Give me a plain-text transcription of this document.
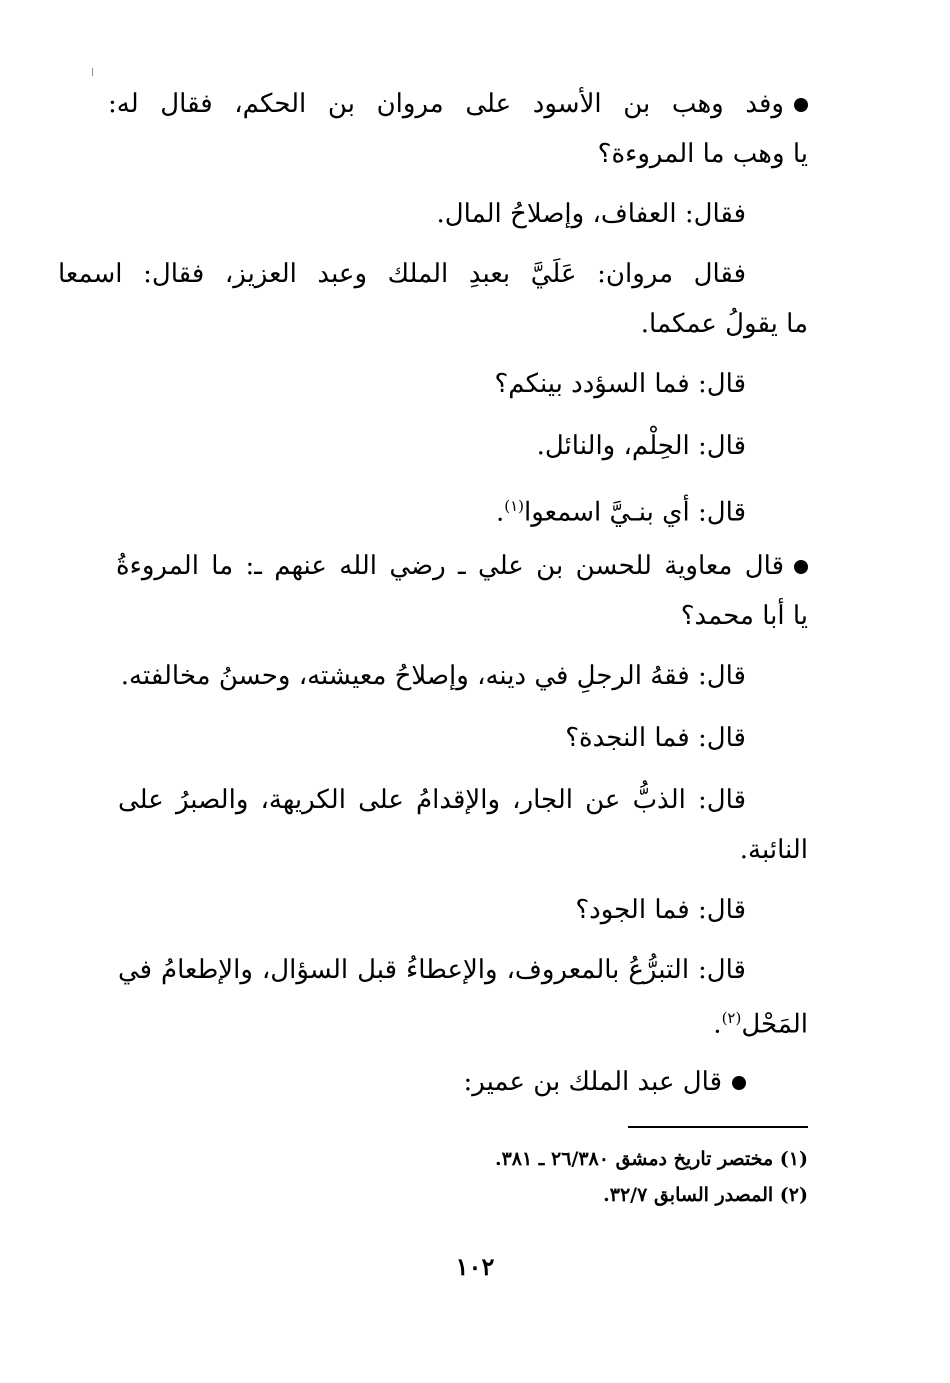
وفد وهب بن الأسود على مروان بن الحكم، فقال له:
يا وهب ما المروءة؟
فقال: العفاف، وإصلاحُ المال.
فقال مروان: عَلَيَّ بعبدِ الملك وعبد العزيز، فقال: اسمعا
ما يقولُ عمكما.
قال: فما السؤدد بينكم؟
قال: الحِلْم، والنائل.
قال: أي بنـيَّ اسمعوا$^{(١)}$.
قال معاوية للحسن بن علي ـ رضي الله عنهم ـ: ما المروءةُ
يا أبا محمد؟
قال: فقهُ الرجلِ في دينه، وإصلاحُ معيشته، وحسنُ مخالفته.
قال: فما النجدة؟
قال: الذبُّ عن الجار، والإقدامُ على الكريهة، والصبرُ على
النائبة.
قال: فما الجود؟
قال: التبرُّعُ بالمعروف، والإعطاءُ قبل السؤال، والإطعامُ في
المَحْل$^{(٢)}$.
قال عبد الملك بن عمير:
(١) مختصر تاريخ دمشق ٢٦/٣٨٠ ـ ٣٨١.
(٢) المصدر السابق ٣٢/٧.
١٠٢
